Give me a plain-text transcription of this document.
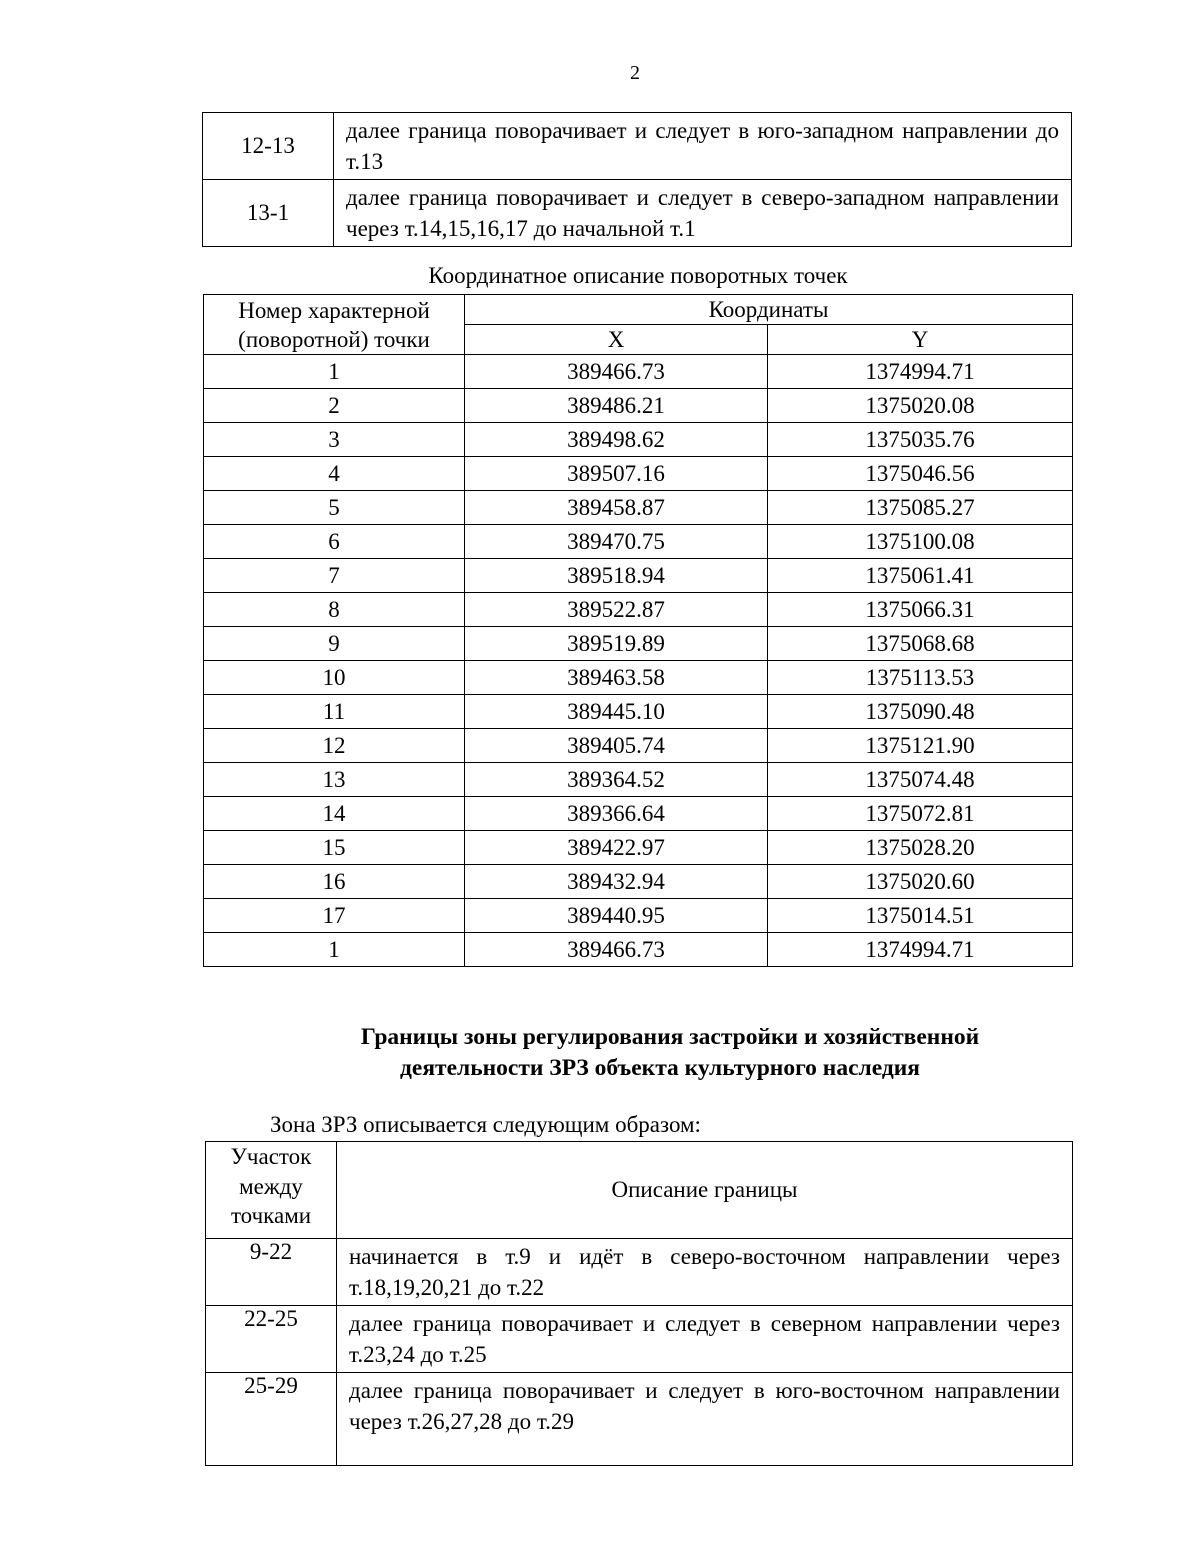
2
12-13	далее граница поворачивает и следует в юго-западном направлении до т.13
13-1	далее граница поворачивает и следует в северо-западном направлении через т.14,15,16,17 до начальной т.1
Координатное описание поворотных точек
Номер характерной (поворотной) точки	Координаты	
	X	Y
1	389466.73	1374994.71
2	389486.21	1375020.08
3	389498.62	1375035.76
4	389507.16	1375046.56
5	389458.87	1375085.27
6	389470.75	1375100.08
7	389518.94	1375061.41
8	389522.87	1375066.31
9	389519.89	1375068.68
10	389463.58	1375113.53
11	389445.10	1375090.48
12	389405.74	1375121.90
13	389364.52	1375074.48
14	389366.64	1375072.81
15	389422.97	1375028.20
16	389432.94	1375020.60
17	389440.95	1375014.51
1	389466.73	1374994.71
Границы зоны регулирования застройки и хозяйственной
деятельности ЗРЗ объекта культурного наследия
Зона ЗРЗ описывается следующим образом:
Участок
между
точками	Описание границы
9-22	начинается в т.9 и идёт в северо-восточном направлении через т.18,19,20,21 до т.22
22-25	далее граница поворачивает и следует в северном направлении через т.23,24 до т.25
25-29	далее граница поворачивает и следует в юго-восточном направлении через т.26,27,28 до т.29
